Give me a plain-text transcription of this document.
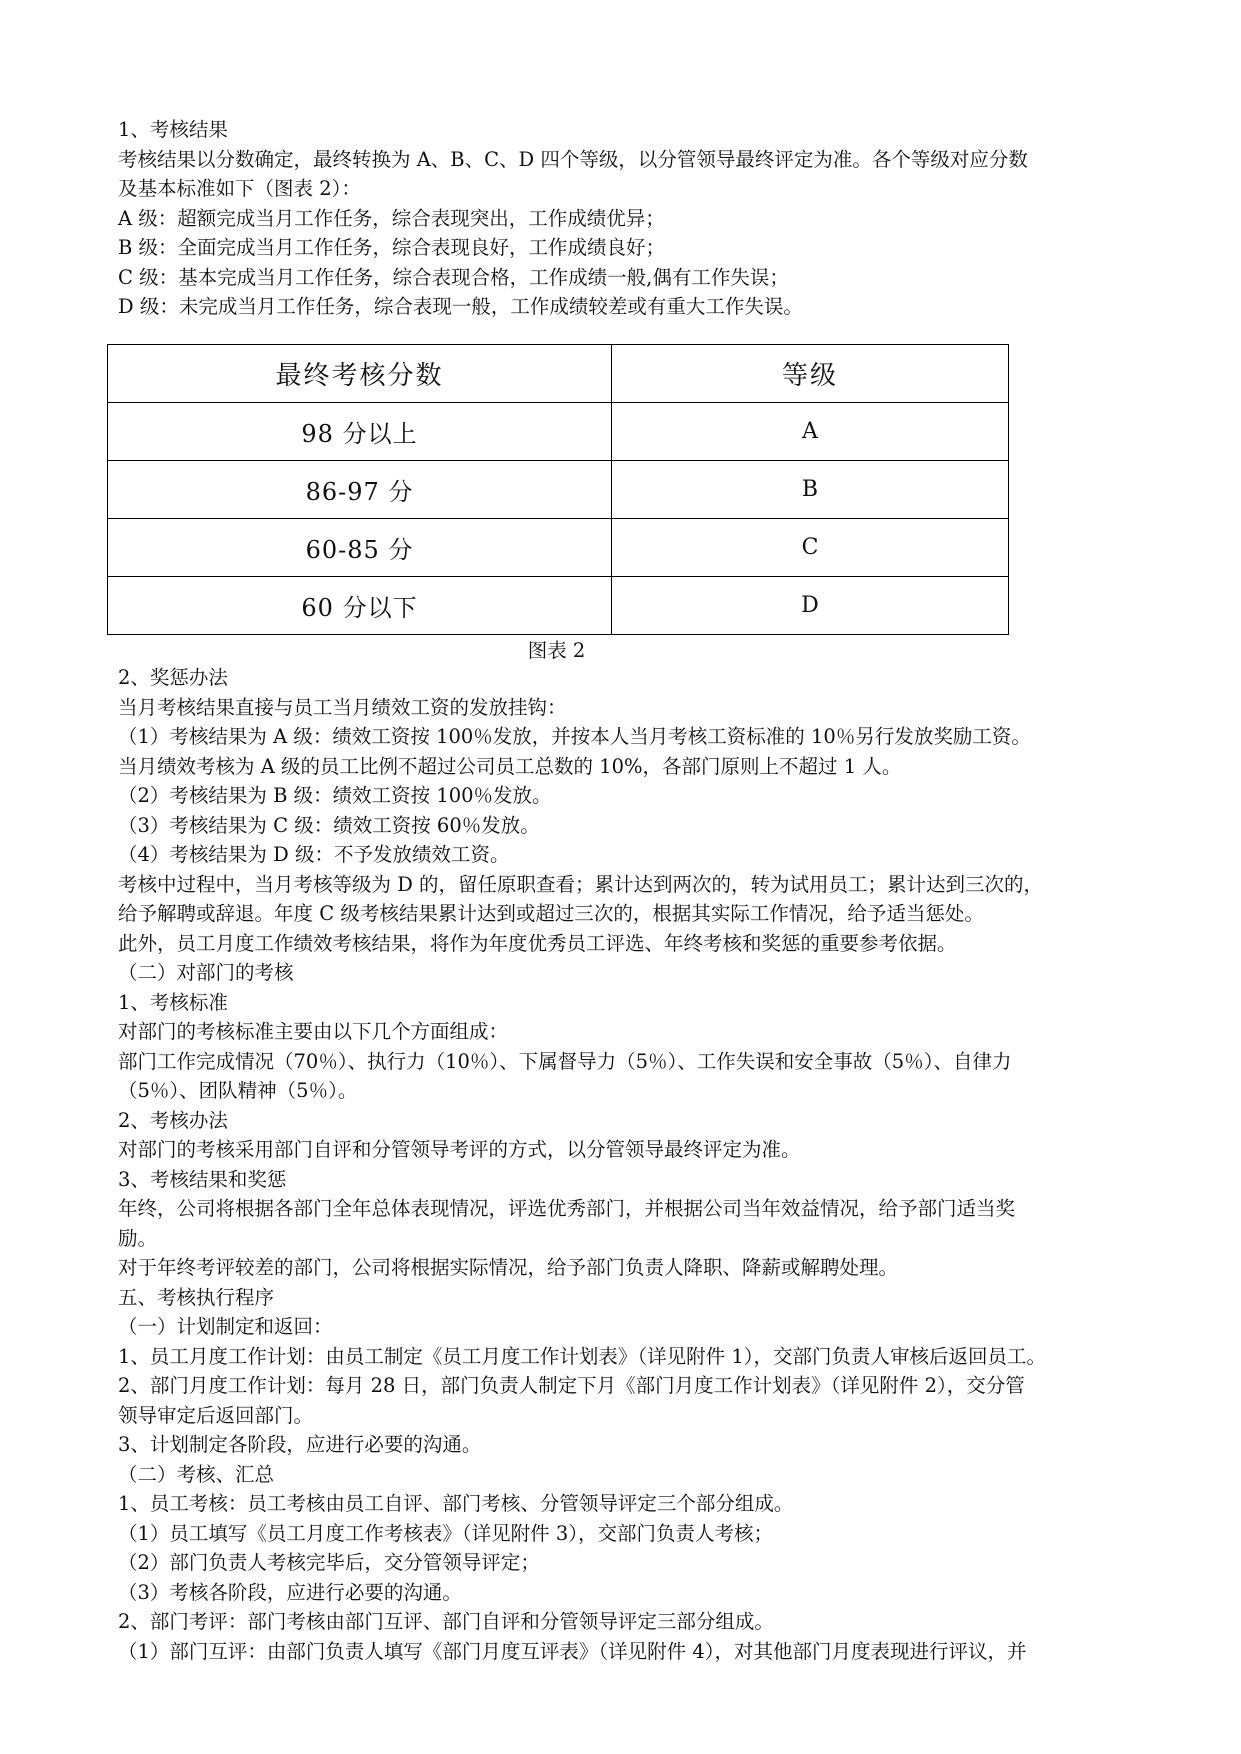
1、考核结果

考核结果以分数确定，最终转换为 A、B、C、D 四个等级，以分管领导最终评定为准。各个等级对应分数

及基本标准如下（图表 2）：

A 级：超额完成当月工作任务，综合表现突出，工作成绩优异；

B 级：全面完成当月工作任务，综合表现良好，工作成绩良好；

C 级：基本完成当月工作任务，综合表现合格，工作成绩一般,偶有工作失误；

D 级：未完成当月工作任务，综合表现一般，工作成绩较差或有重大工作失误。

最终考核分数	等级
98 分以上	A
86-97 分	B
60-85 分	C
60 分以下	D
图表 2

2、奖惩办法

当月考核结果直接与员工当月绩效工资的发放挂钩：

（1）考核结果为 A 级：绩效工资按 100％发放，并按本人当月考核工资标准的 10％另行发放奖励工资。

当月绩效考核为 A 级的员工比例不超过公司员工总数的 10%，各部门原则上不超过 1 人。

（2）考核结果为 B 级：绩效工资按 100％发放。

（3）考核结果为 C 级：绩效工资按 60％发放。

（4）考核结果为 D 级：不予发放绩效工资。

考核中过程中，当月考核等级为 D 的，留任原职查看；累计达到两次的，转为试用员工；累计达到三次的，

给予解聘或辞退。年度 C 级考核结果累计达到或超过三次的，根据其实际工作情况，给予适当惩处。

此外，员工月度工作绩效考核结果，将作为年度优秀员工评选、年终考核和奖惩的重要参考依据。

（二）对部门的考核

1、考核标准

对部门的考核标准主要由以下几个方面组成：

部门工作完成情况（70％）、执行力（10％）、下属督导力（5％）、工作失误和安全事故（5％）、自律力

（5％）、团队精神（5％）。

2、考核办法

对部门的考核采用部门自评和分管领导考评的方式，以分管领导最终评定为准。

3、考核结果和奖惩

年终，公司将根据各部门全年总体表现情况，评选优秀部门，并根据公司当年效益情况，给予部门适当奖

励。

对于年终考评较差的部门，公司将根据实际情况，给予部门负责人降职、降薪或解聘处理。

五、考核执行程序

（一）计划制定和返回：

1、员工月度工作计划：由员工制定《员工月度工作计划表》（详见附件 1），交部门负责人审核后返回员工。

2、部门月度工作计划：每月 28 日，部门负责人制定下月《部门月度工作计划表》（详见附件 2），交分管

领导审定后返回部门。

3、计划制定各阶段，应进行必要的沟通。

（二）考核、汇总

1、员工考核：员工考核由员工自评、部门考核、分管领导评定三个部分组成。

（1）员工填写《员工月度工作考核表》（详见附件 3），交部门负责人考核；

（2）部门负责人考核完毕后，交分管领导评定；

（3）考核各阶段，应进行必要的沟通。

2、部门考评：部门考核由部门互评、部门自评和分管领导评定三部分组成。

（1）部门互评：由部门负责人填写《部门月度互评表》（详见附件 4），对其他部门月度表现进行评议，并
